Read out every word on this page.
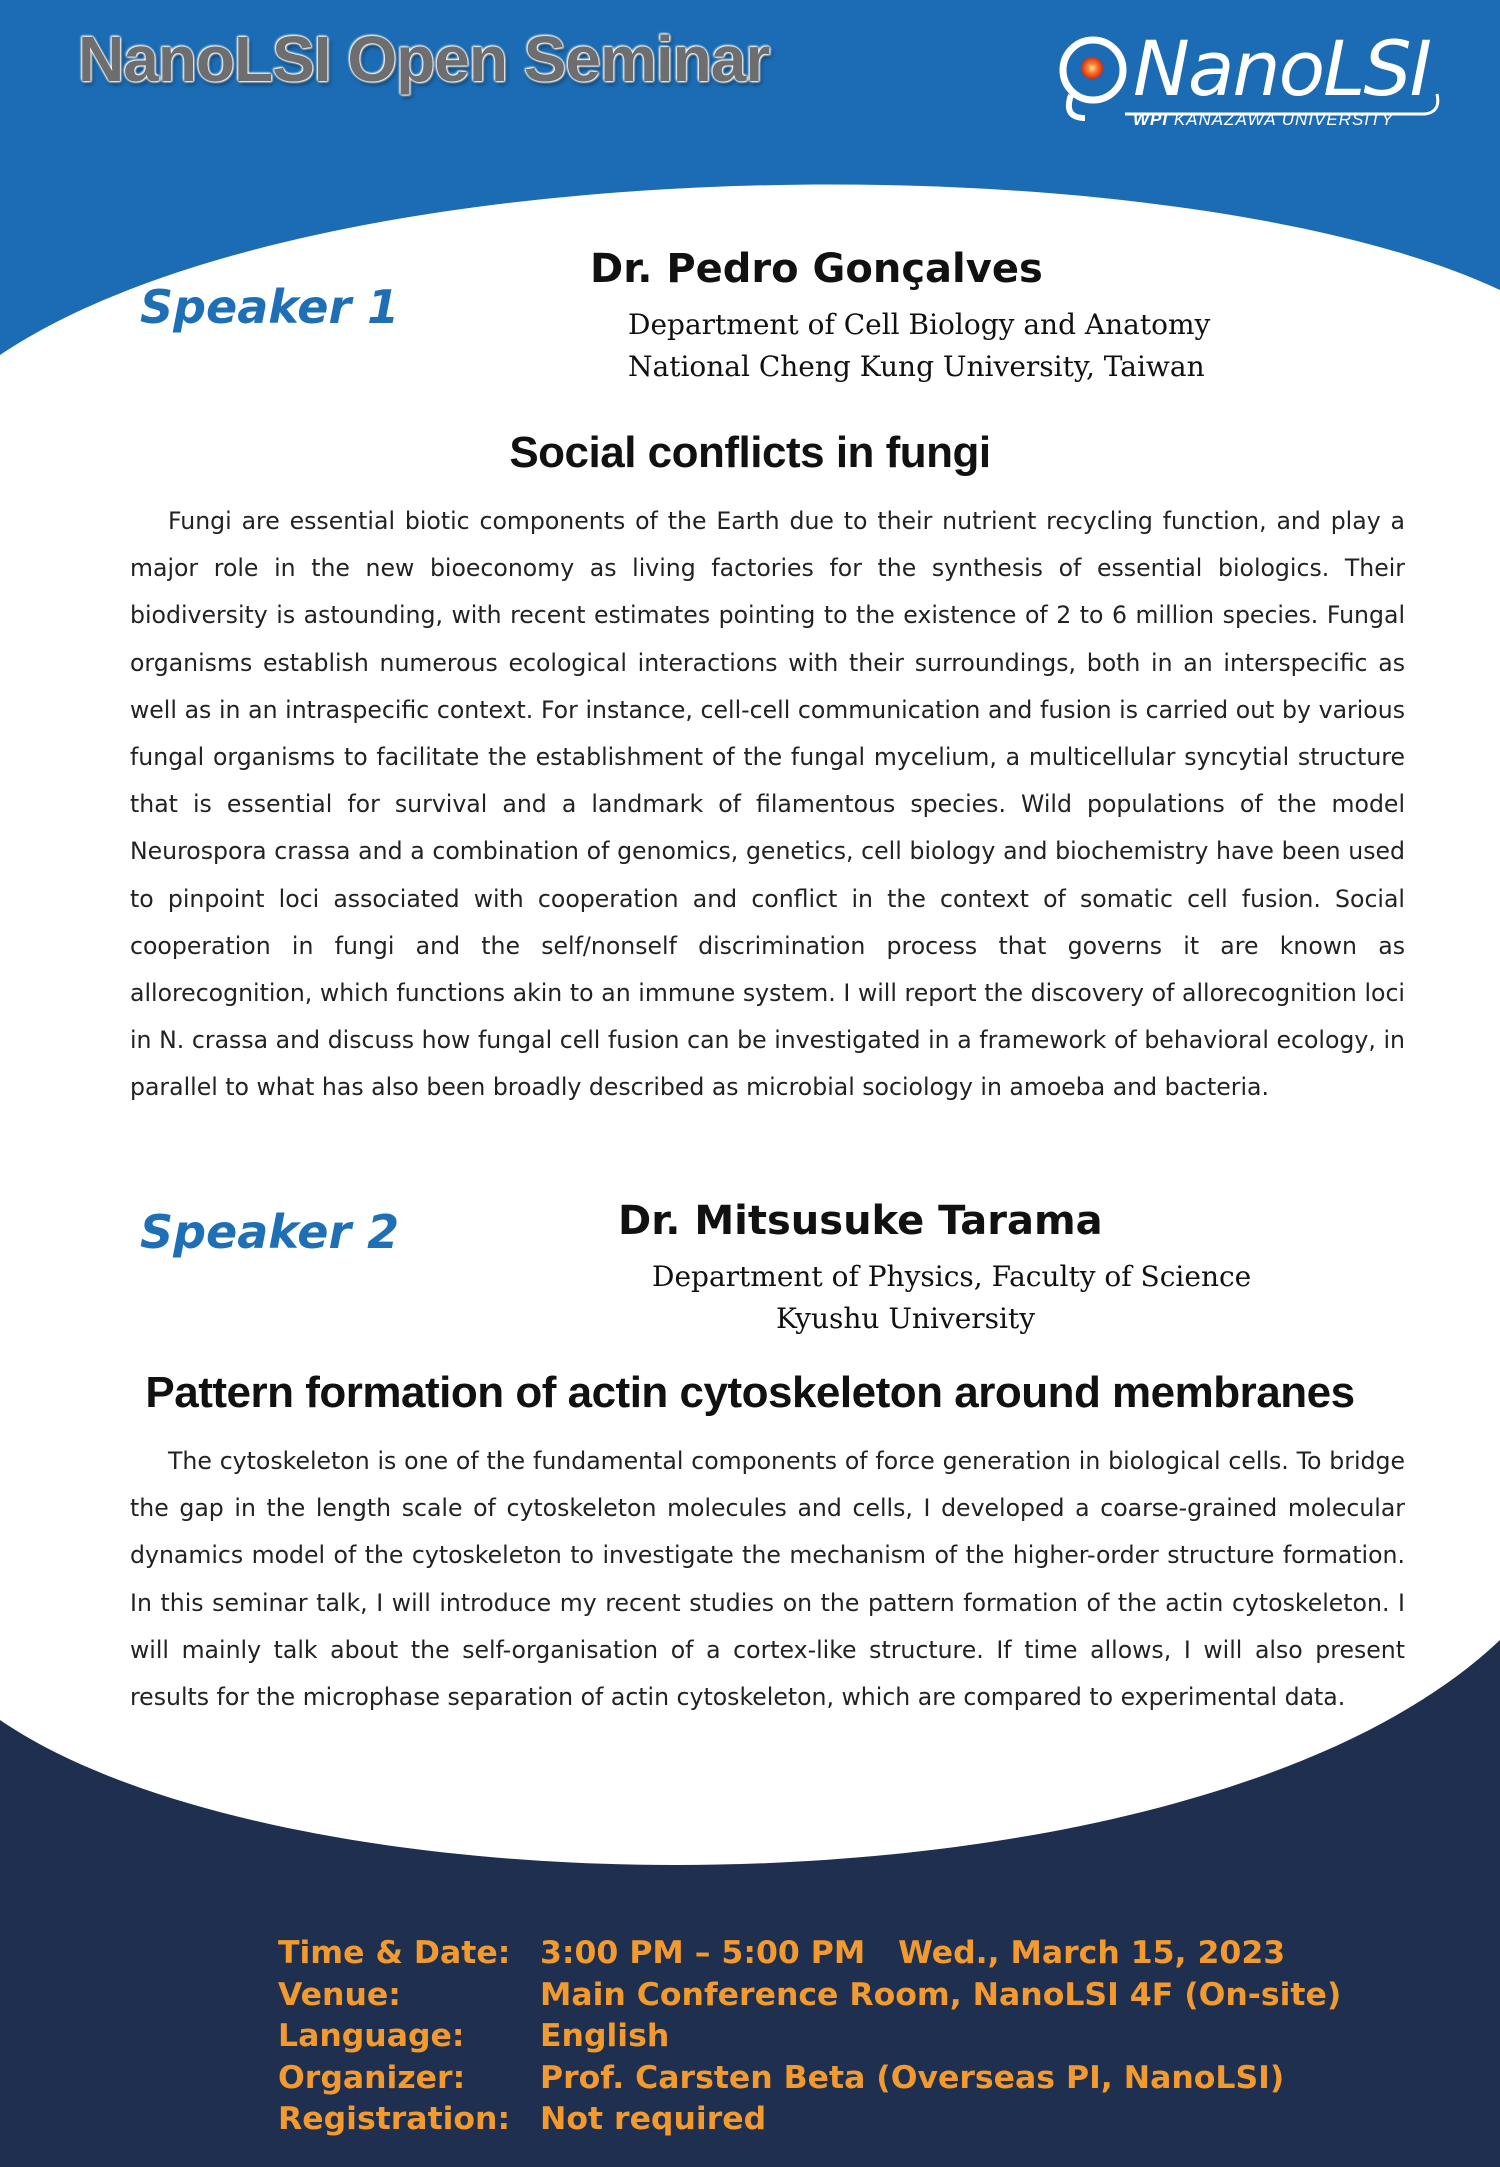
NanoLSI Open Seminar	NanoLSI
WPI KANAZAWA UNIVERSITY
Speaker 1
Dr. Pedro Gonçalves
Department of Cell Biology and Anatomy
National Cheng Kung University, Taiwan
Social conflicts in fungi
Fungi are essential biotic components of the Earth due to their nutrient recycling function, and play a major role in the new bioeconomy as living factories for the synthesis of essential biologics. Their biodiversity is astounding, with recent estimates pointing to the existence of 2 to 6 million species. Fungal organisms establish numerous ecological interactions with their surroundings, both in an interspecific as well as in an intraspecific context. For instance, cell-cell communication and fusion is carried out by various fungal organisms to facilitate the establishment of the fungal mycelium, a multicellular syncytial structure that is essential for survival and a landmark of filamentous species. Wild populations of the model Neurospora crassa and a combination of genomics, genetics, cell biology and biochemistry have been used to pinpoint loci associated with cooperation and conflict in the context of somatic cell fusion. Social cooperation in fungi and the self/nonself discrimination process that governs it are known as allorecognition, which functions akin to an immune system. I will report the discovery of allorecognition loci in N. crassa and discuss how fungal cell fusion can be investigated in a framework of behavioral ecology, in parallel to what has also been broadly described as microbial sociology in amoeba and bacteria.
Speaker 2	Dr. Mitsusuke Tarama
Department of Physics, Faculty of Science
Kyushu University
Pattern formation of actin cytoskeleton around membranes
The cytoskeleton is one of the fundamental components of force generation in biological cells. To bridge the gap in the length scale of cytoskeleton molecules and cells, I developed a coarse-grained molecular dynamics model of the cytoskeleton to investigate the mechanism of the higher-order structure formation. In this seminar talk, I will introduce my recent studies on the pattern formation of the actin cytoskeleton. I will mainly talk about the self-organisation of a cortex-like structure. If time allows, I will also present results for the microphase separation of actin cytoskeleton, which are compared to experimental data.
Time & Date: 3:00 PM – 5:00 PM   Wed., March 15, 2023
Venue:	Main Conference Room, NanoLSI 4F (On-site)
Language:	English
Organizer:	Prof. Carsten Beta (Overseas PI, NanoLSI)
Registration: Not required
